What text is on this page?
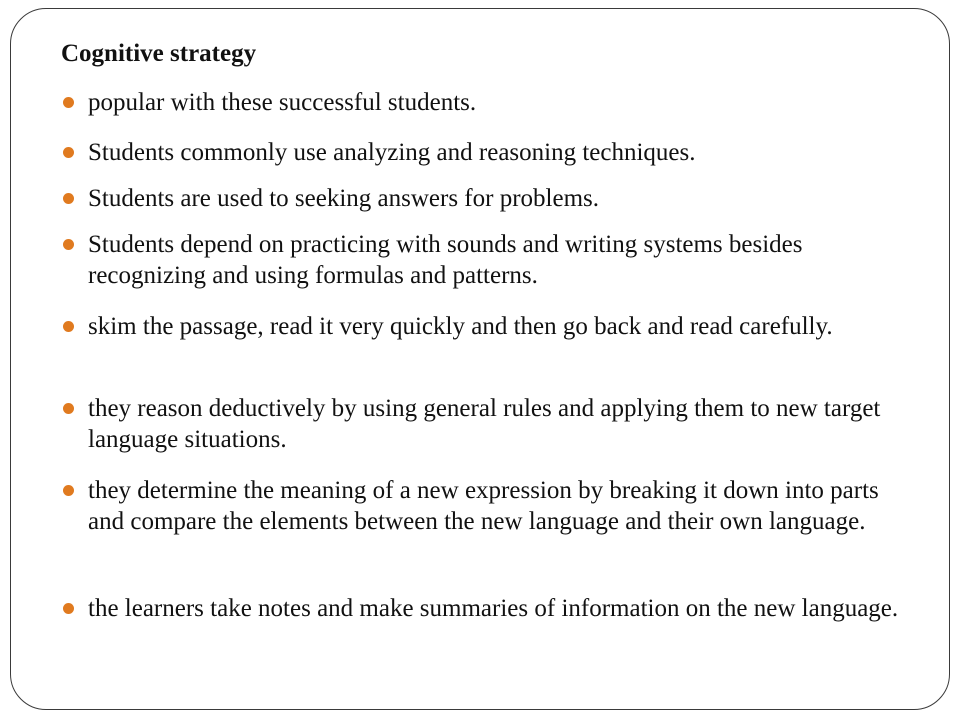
Cognitive strategy
popular with these successful students.
Students commonly use analyzing and reasoning techniques.
Students are used to seeking answers for problems.
Students depend on practicing with sounds and writing systems besides recognizing and using formulas and patterns.
skim the passage, read it very quickly and then go back and read carefully.
they reason deductively by using general rules and applying them to new target language situations.
they determine the meaning of a new expression by breaking it down into parts and compare the elements between the new language and their own language.
the learners take notes and make summaries of information on the new language.
